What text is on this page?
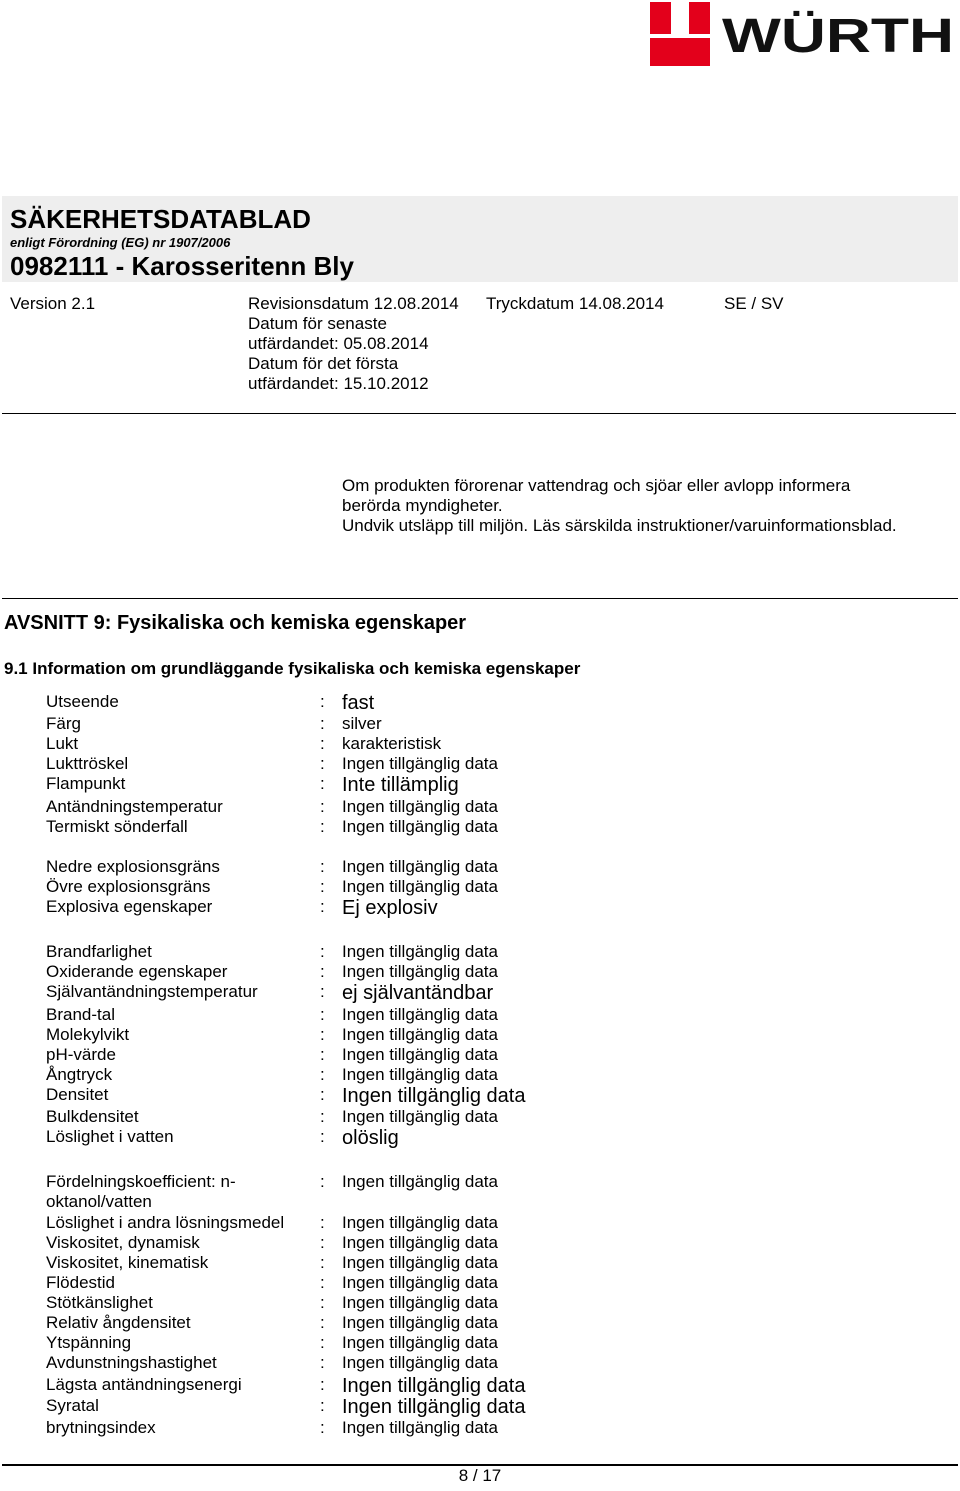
WÜRTH
SÄKERHETSDATABLAD
enligt Förordning (EG) nr 1907/2006
0982111 - Karosseritenn Bly
Version 2.1	Revisionsdatum 12.08.2014
Datum för senaste
utfärdandet: 05.08.2014
Datum för det första
utfärdandet: 15.10.2012
Tryckdatum 14.08.2014	SE / SV
Om produkten förorenar vattendrag och sjöar eller avlopp informera berörda myndigheter.
Undvik utsläpp till miljön. Läs särskilda instruktioner/varuinformationsblad.
AVSNITT 9: Fysikaliska och kemiska egenskaper
9.1 Information om grundläggande fysikaliska och kemiska egenskaper
Utseende	: fast
Färg	: silver
Lukt	: karakteristisk
Lukttröskel	: Ingen tillgänglig data
Flampunkt	: Inte tillämplig
Antändningstemperatur	: Ingen tillgänglig data
Termiskt sönderfall	: Ingen tillgänglig data
Nedre explosionsgräns	: Ingen tillgänglig data
Övre explosionsgräns	: Ingen tillgänglig data
Explosiva egenskaper	: Ej explosiv
Brandfarlighet	: Ingen tillgänglig data
Oxiderande egenskaper	: Ingen tillgänglig data
Självantändningstemperatur	: ej självantändbar
Brand-tal	: Ingen tillgänglig data
Molekylvikt	: Ingen tillgänglig data
pH-värde	: Ingen tillgänglig data
Ångtryck	: Ingen tillgänglig data
Densitet	: Ingen tillgänglig data
Bulkdensitet	: Ingen tillgänglig data
Löslighet i vatten	: olöslig
Fördelningskoefficient: n-oktanol/vatten
: Ingen tillgänglig data
Löslighet i andra lösningsmedel	: Ingen tillgänglig data
Viskositet, dynamisk	: Ingen tillgänglig data
Viskositet, kinematisk	: Ingen tillgänglig data
Flödestid	: Ingen tillgänglig data
Stötkänslighet	: Ingen tillgänglig data
Relativ ångdensitet	: Ingen tillgänglig data
Ytspänning	: Ingen tillgänglig data
Avdunstningshastighet	: Ingen tillgänglig data
Lägsta antändningsenergi	: Ingen tillgänglig data
Syratal	: Ingen tillgänglig data
brytningsindex	: Ingen tillgänglig data
8 / 17
